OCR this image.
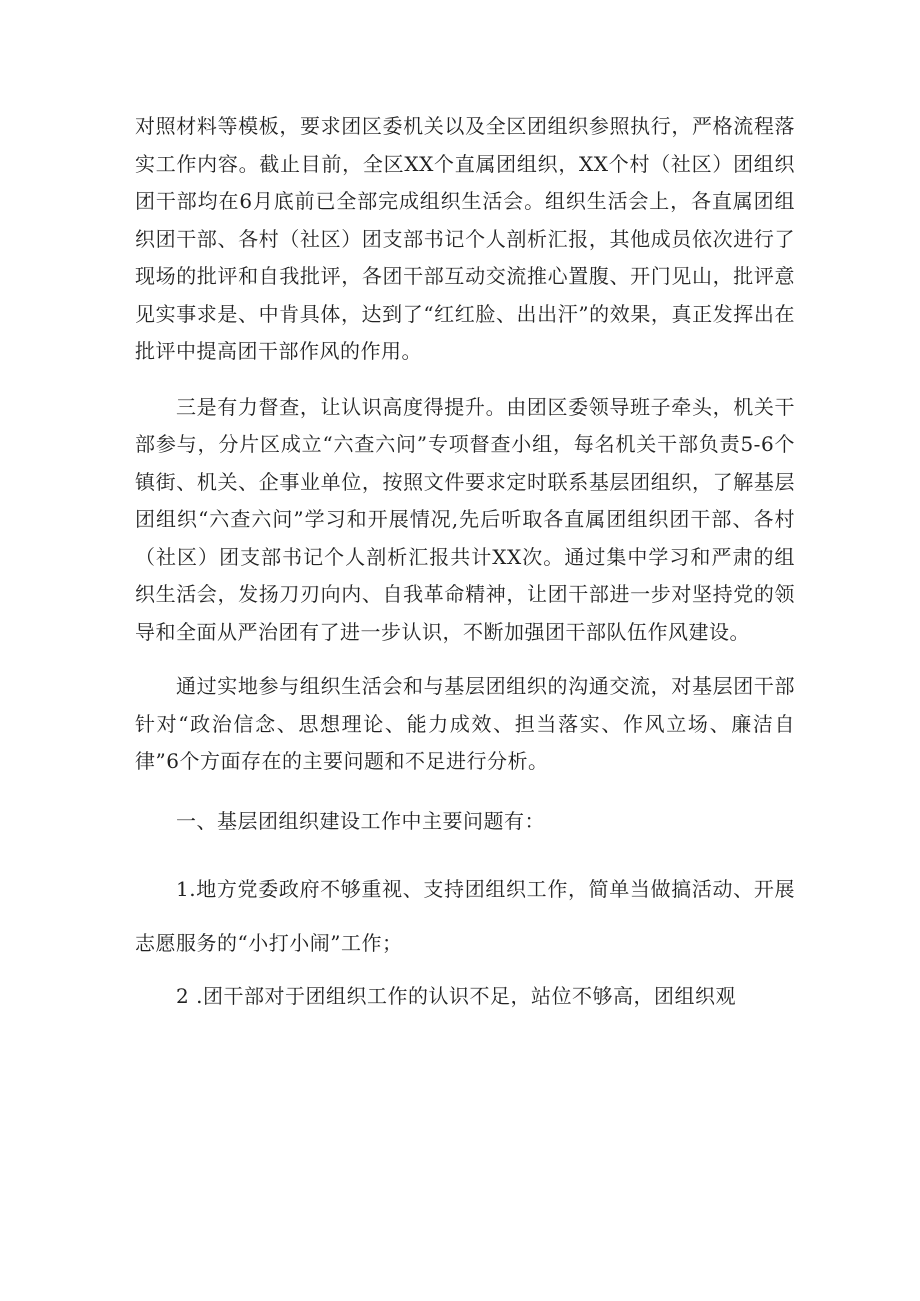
对照材料等模板，要求团区委机关以及全区团组织参照执行，严格流程落实工作内容。截止目前，全区XX个直属团组织，XX个村（社区）团组织团干部均在6月底前已全部完成组织生活会。组织生活会上，各直属团组织团干部、各村（社区）团支部书记个人剖析汇报，其他成员依次进行了现场的批评和自我批评，各团干部互动交流推心置腹、开门见山，批评意见实事求是、中肯具体，达到了“红红脸、出出汗”的效果，真正发挥出在批评中提高团干部作风的作用。

三是有力督查，让认识高度得提升。由团区委领导班子牵头，机关干部参与，分片区成立“六查六问”专项督查小组，每名机关干部负责5-6个镇街、机关、企事业单位，按照文件要求定时联系基层团组织，了解基层团组织“六查六问”学习和开展情况,先后听取各直属团组织团干部、各村（社区）团支部书记个人剖析汇报共计XX次。通过集中学习和严肃的组织生活会，发扬刀刃向内、自我革命精神，让团干部进一步对坚持党的领导和全面从严治团有了进一步认识，不断加强团干部队伍作风建设。

通过实地参与组织生活会和与基层团组织的沟通交流，对基层团干部针对“政治信念、思想理论、能力成效、担当落实、作风立场、廉洁自律”6个方面存在的主要问题和不足进行分析。

一、基层团组织建设工作中主要问题有：

1.地方党委政府不够重视、支持团组织工作，简单当做搞活动、开展志愿服务的“小打小闹”工作；

2 .团干部对于团组织工作的认识不足，站位不够高，团组织观
